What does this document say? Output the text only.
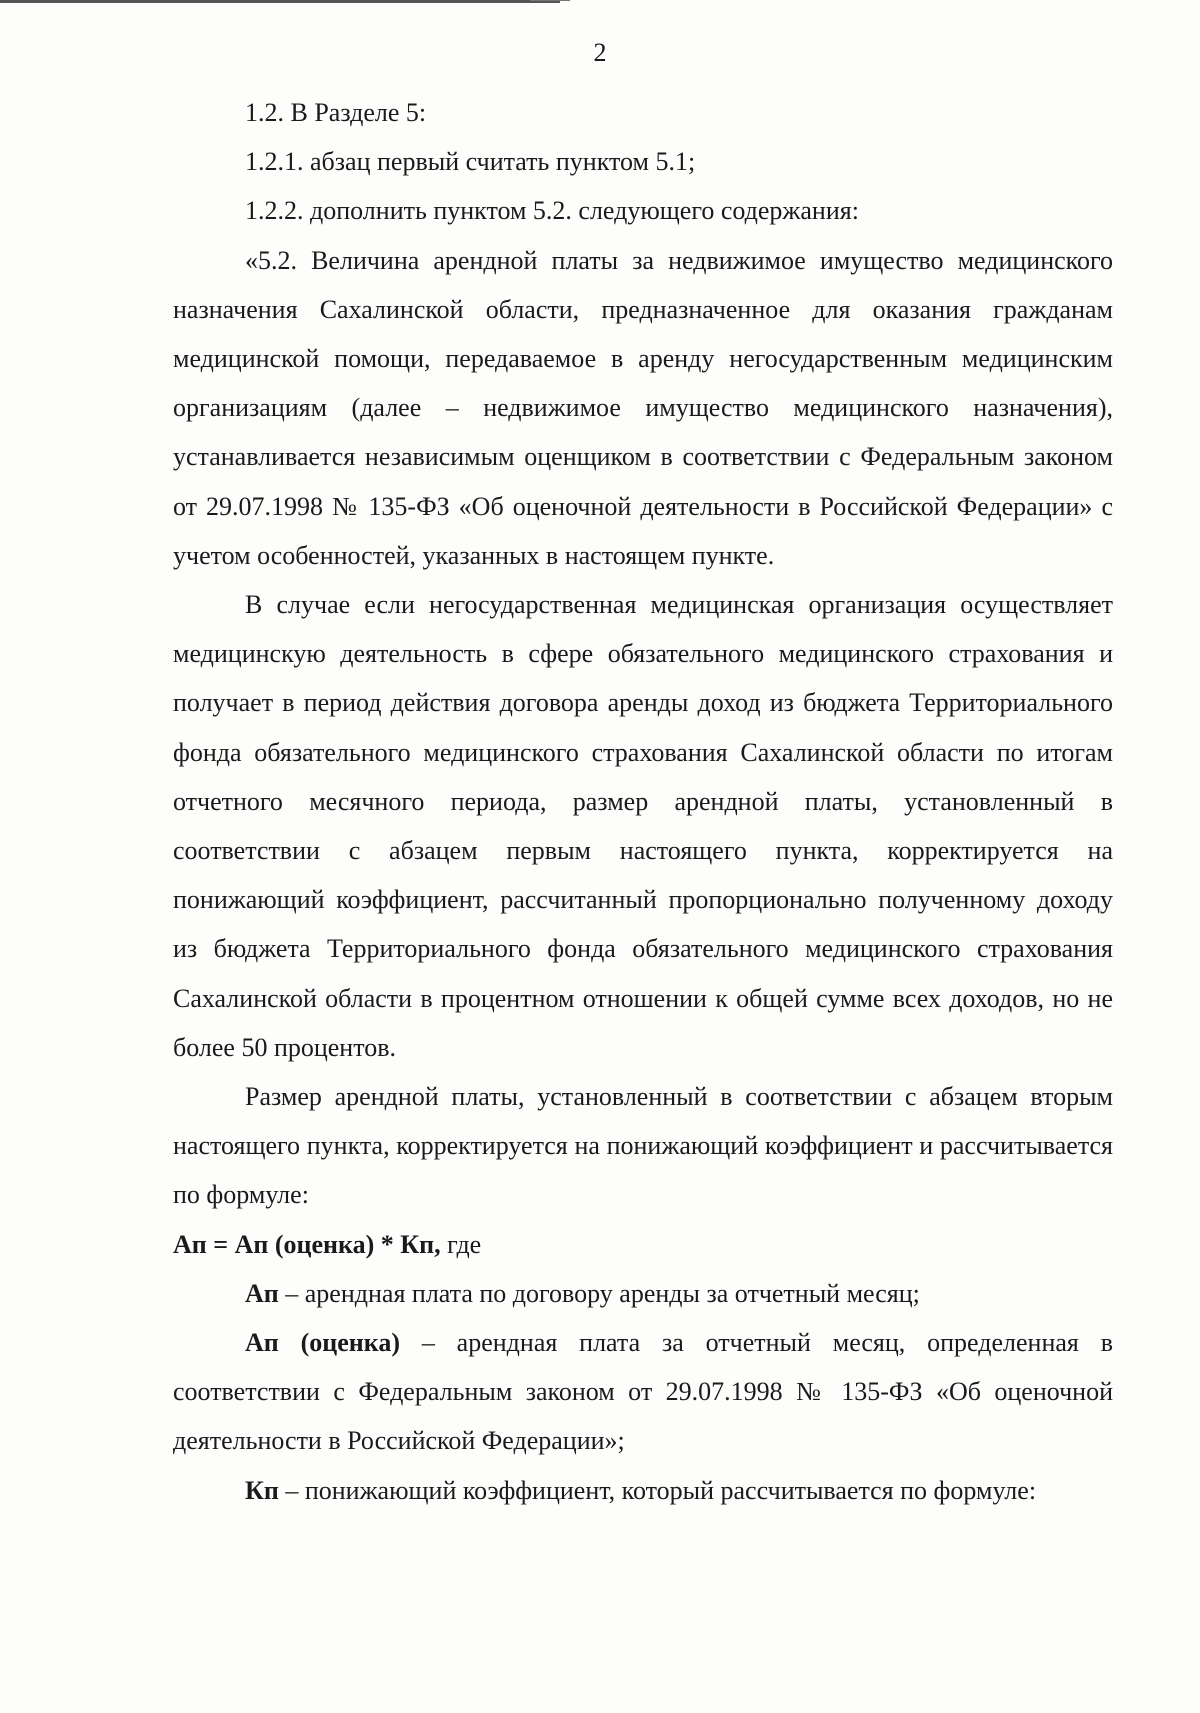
2

1.2. В Разделе 5:

1.2.1. абзац первый считать пунктом 5.1;

1.2.2. дополнить пунктом 5.2. следующего содержания:

«5.2. Величина арендной платы за недвижимое имущество медицинского назначения Сахалинской области, предназначенное для оказания гражданам медицинской помощи, передаваемое в аренду негосударственным медицинским организациям (далее – недвижимое имущество медицинского назначения), устанавливается независимым оценщиком в соответствии с Федеральным законом от 29.07.1998 № 135-ФЗ «Об оценочной деятельности в Российской Федерации» с учетом особенностей, указанных в настоящем пункте.

В случае если негосударственная медицинская организация осуществляет медицинскую деятельность в сфере обязательного медицинского страхования и получает в период действия договора аренды доход из бюджета Территориального фонда обязательного медицинского страхования Сахалинской области по итогам отчетного месячного периода, размер арендной платы, установленный в соответствии с абзацем первым настоящего пункта, корректируется на понижающий коэффициент, рассчитанный пропорционально полученному доходу из бюджета Территориального фонда обязательного медицинского страхования Сахалинской области в процентном отношении к общей сумме всех доходов, но не более 50 процентов.

Размер арендной платы, установленный в соответствии с абзацем вторым настоящего пункта, корректируется на понижающий коэффициент и рассчитывается по формуле:

Ап = Ап (оценка) * Кп, где

Ап – арендная плата по договору аренды за отчетный месяц;

Ап (оценка) – арендная плата за отчетный месяц, определенная в соответствии с Федеральным законом от 29.07.1998 № 135-ФЗ «Об оценочной деятельности в Российской Федерации»;

Кп – понижающий коэффициент, который рассчитывается по формуле:
